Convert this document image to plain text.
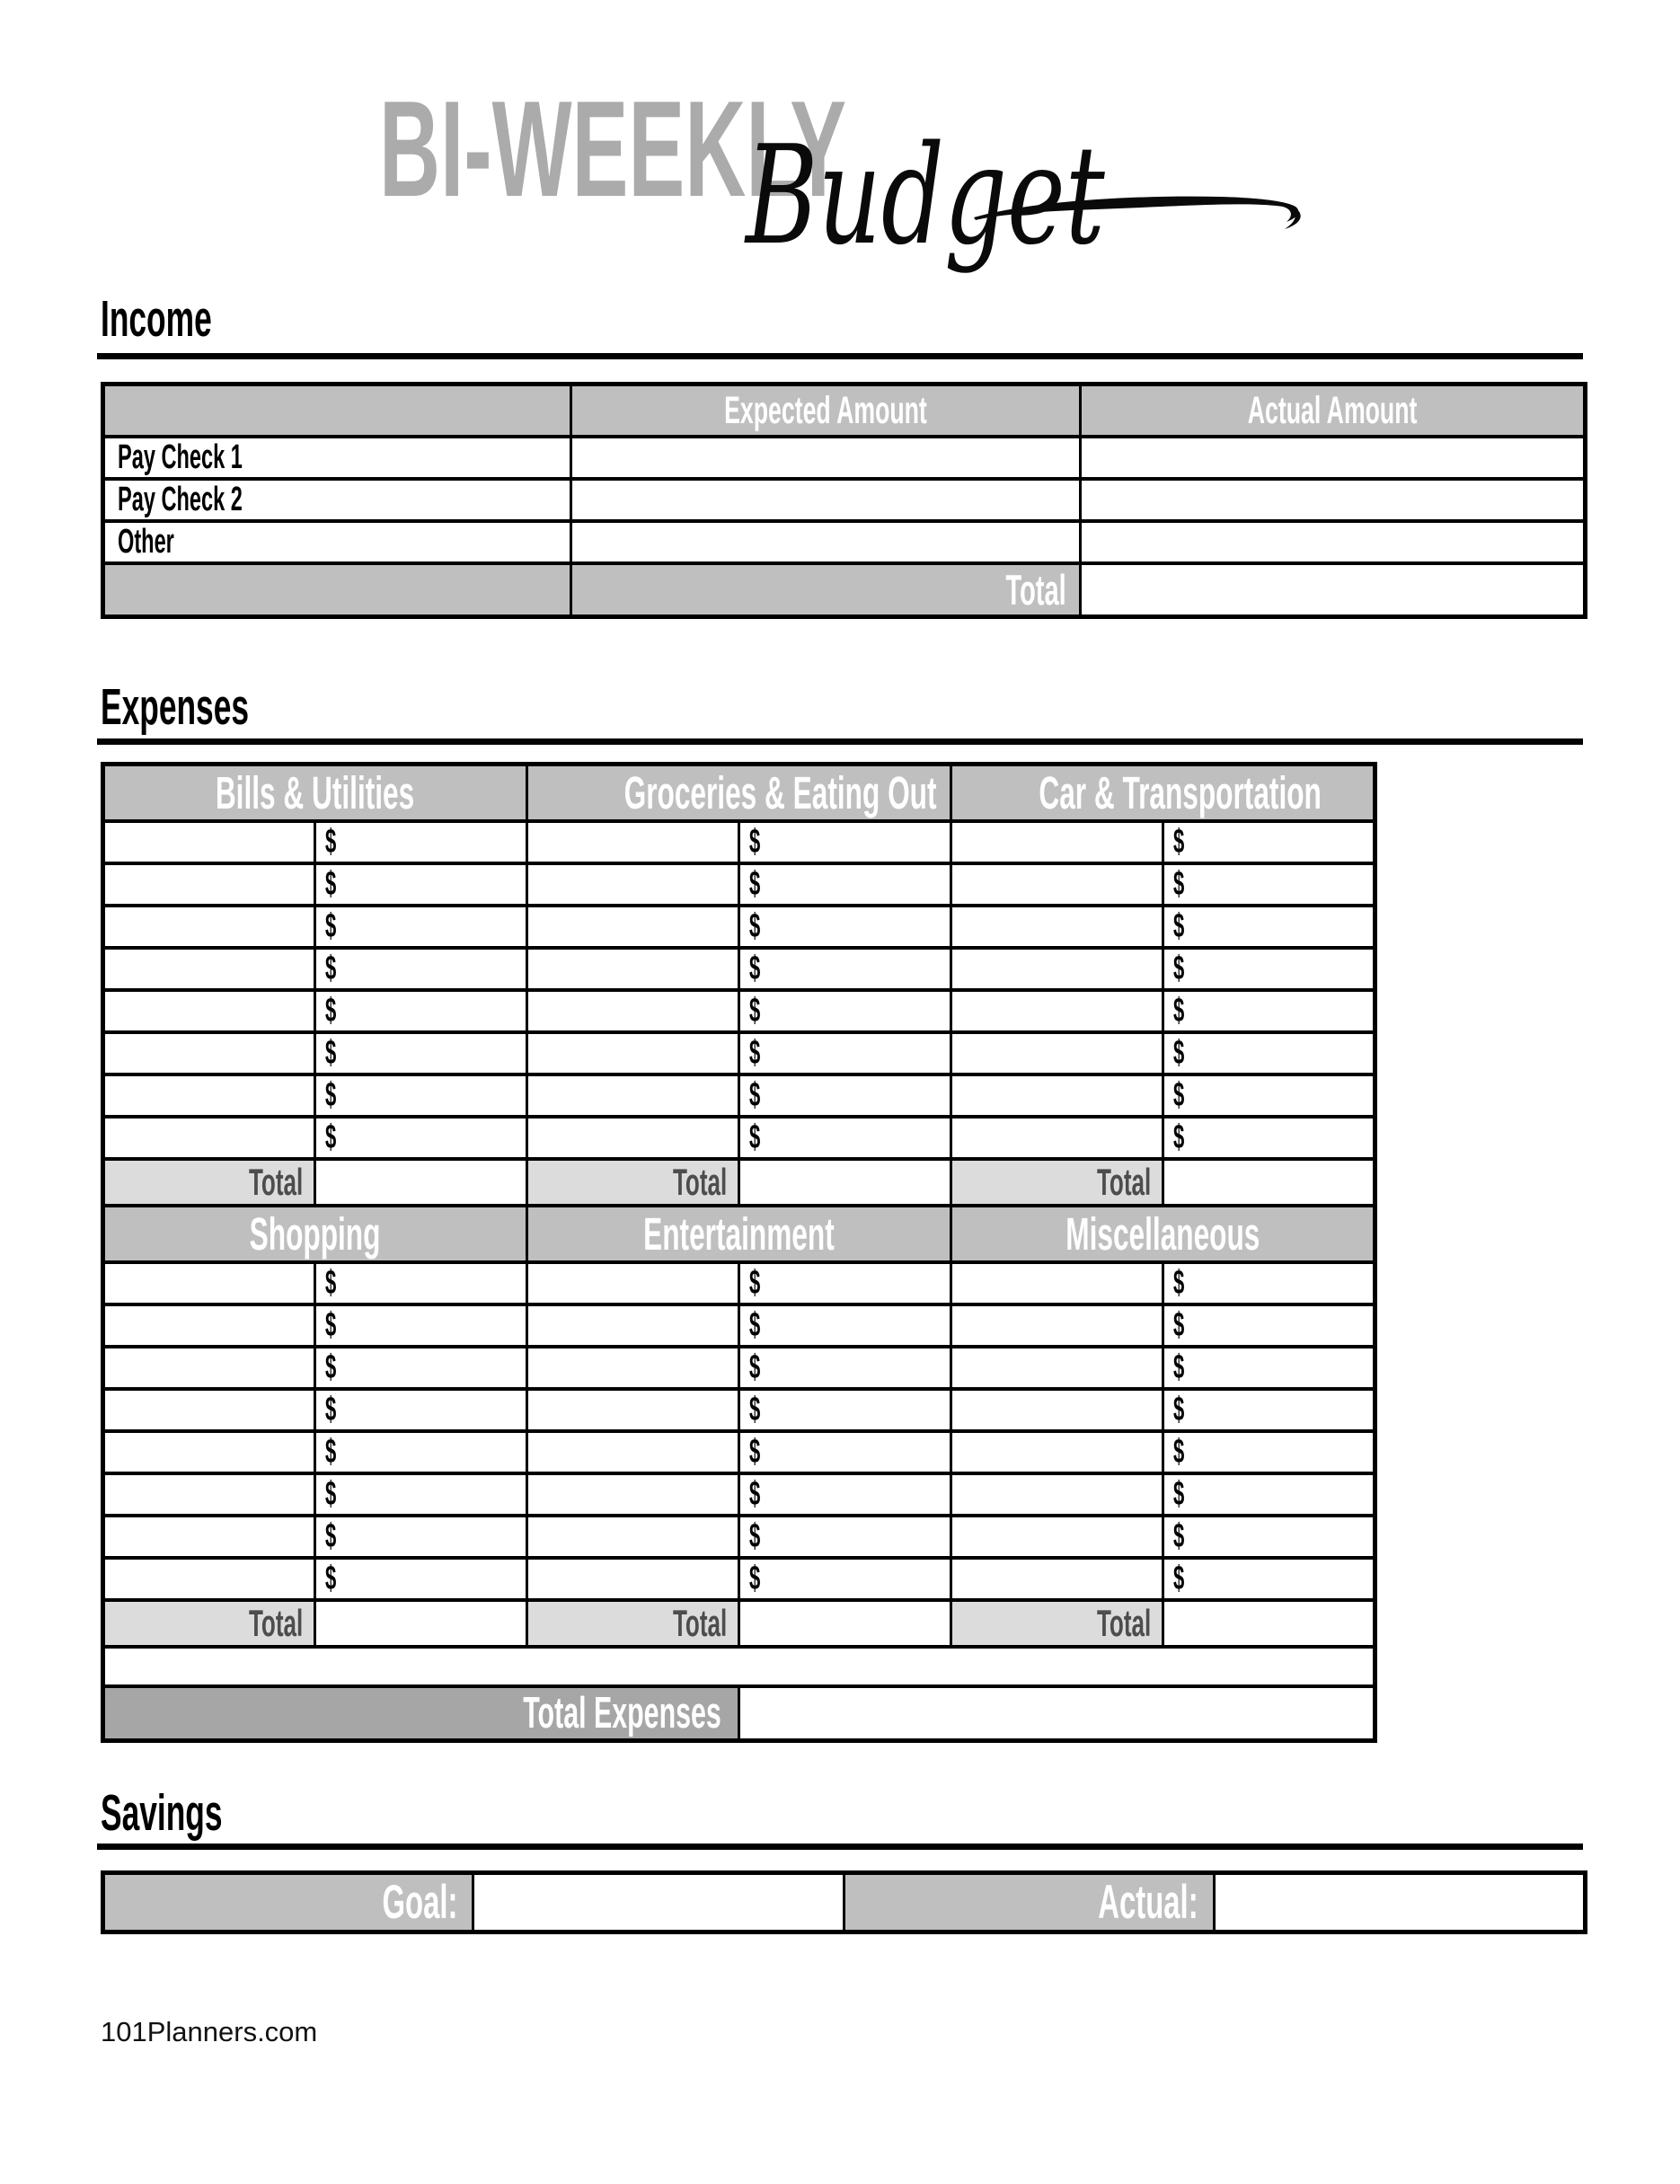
BI-WEEKLY
Budget
Income
	Expected Amount	Actual Amount
Pay Check 1		
Pay Check 2		
Other		
	Total	
Expenses
Bills & Utilities		Groceries & Eating Out		Car & Transportation	
	$		$		$
	$		$		$
	$		$		$
	$		$		$
	$		$		$
	$		$		$
	$		$		$
	$		$		$
Total		Total		Total	
Shopping		Entertainment		Miscellaneous	
	$		$		$
	$		$		$
	$		$		$
	$		$		$
	$		$		$
	$		$		$
	$		$		$
	$		$		$
Total		Total		Total	

Total Expenses					
Savings
Goal:		Actual:	
101Planners.com
